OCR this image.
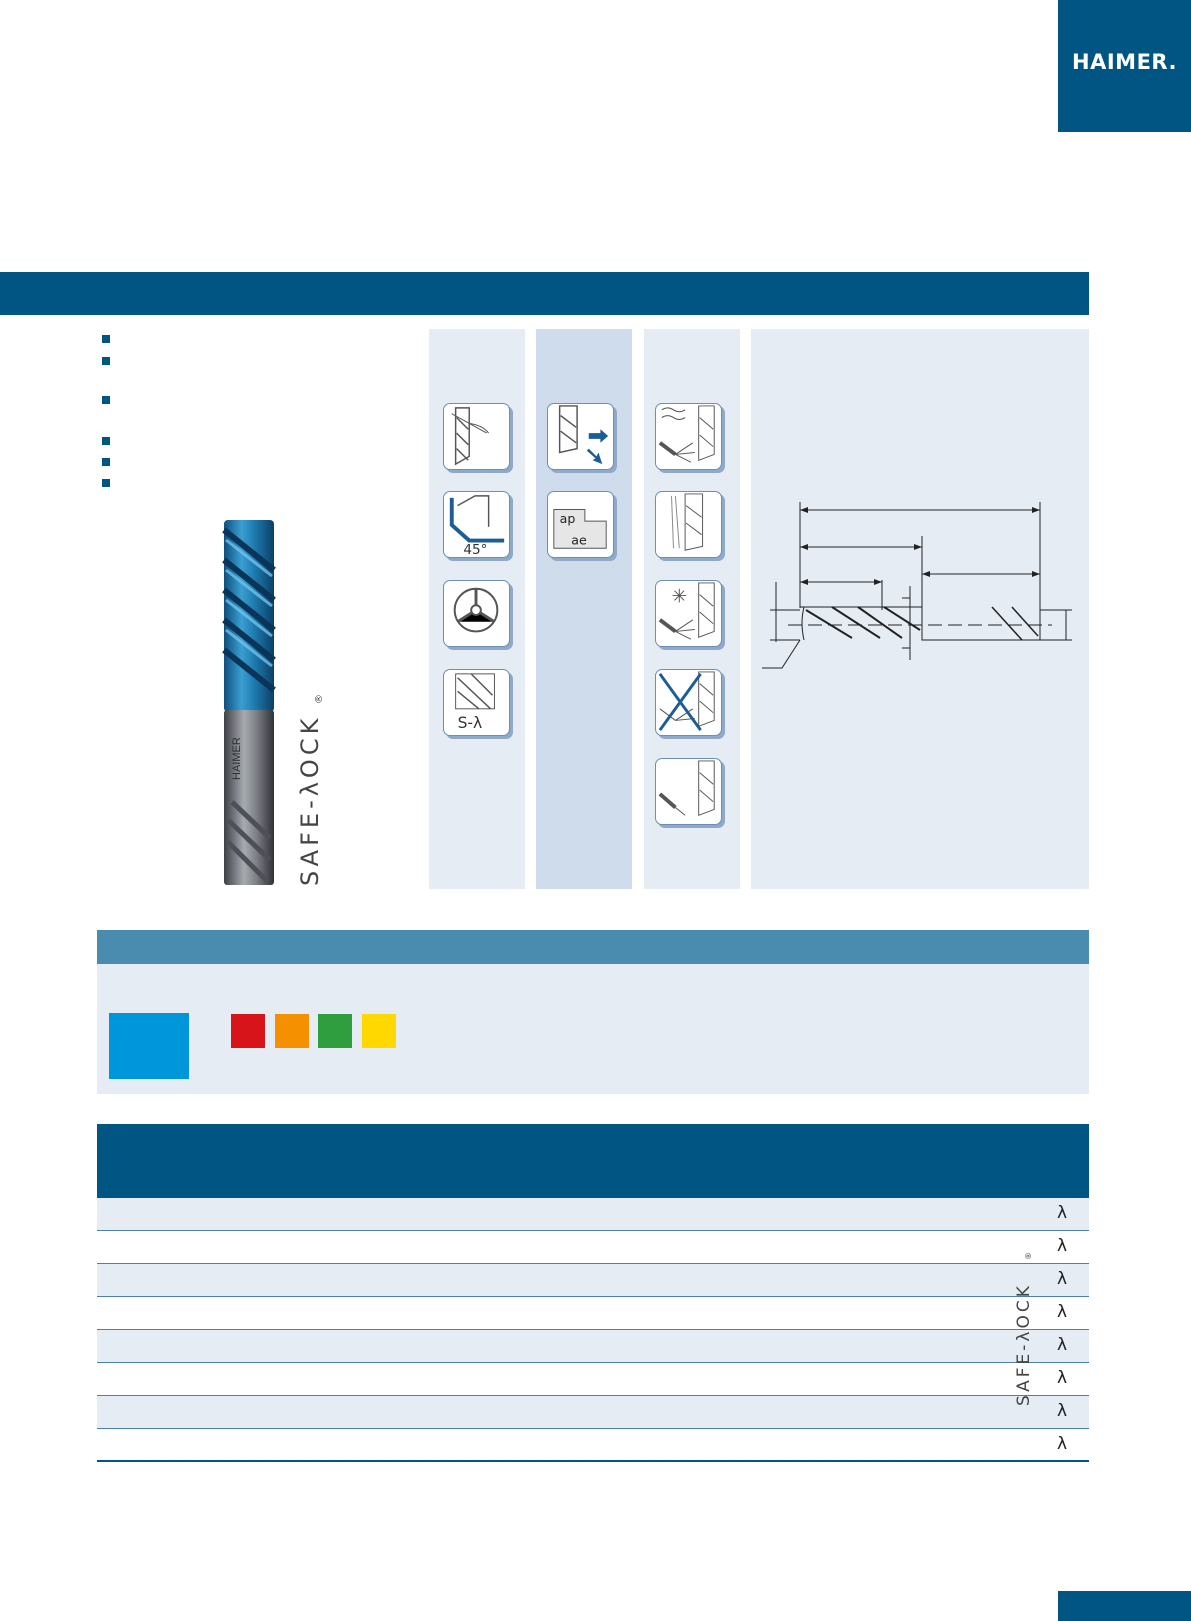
HAIMER.
HAIMER SAFE-λOCK
®
45°
S-λ
ap
ae
λ
λ
λ
λ
λ
λ
λ
λ
SAFE-λOCK
®
